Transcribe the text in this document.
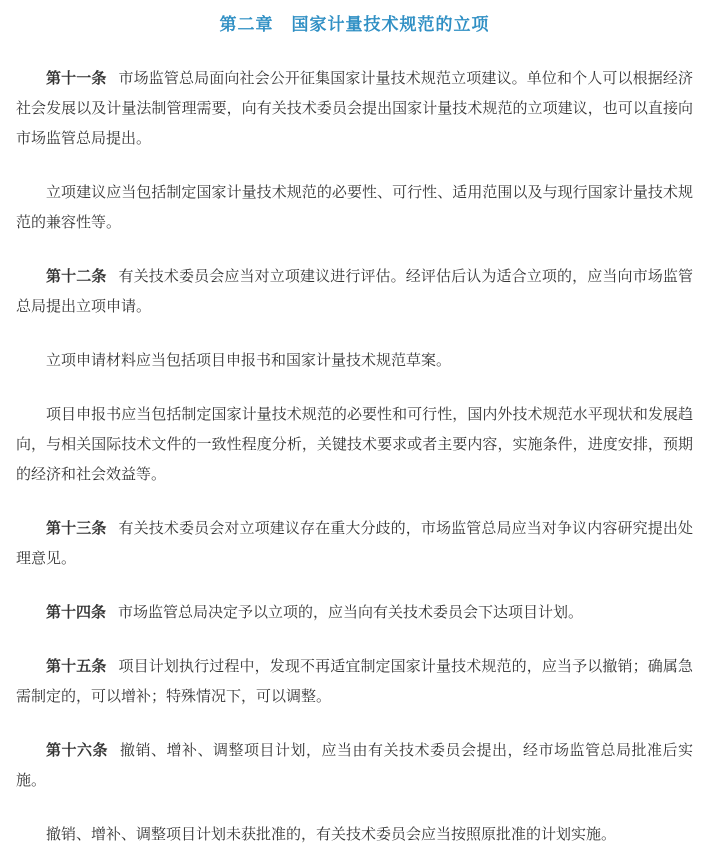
第二章　国家计量技术规范的立项

第十一条 市场监管总局面向社会公开征集国家计量技术规范立项建议。单位和个人可以根据经济社会发展以及计量法制管理需要，向有关技术委员会提出国家计量技术规范的立项建议，也可以直接向市场监管总局提出。

立项建议应当包括制定国家计量技术规范的必要性、可行性、适用范围以及与现行国家计量技术规范的兼容性等。

第十二条 有关技术委员会应当对立项建议进行评估。经评估后认为适合立项的，应当向市场监管总局提出立项申请。

立项申请材料应当包括项目申报书和国家计量技术规范草案。

项目申报书应当包括制定国家计量技术规范的必要性和可行性，国内外技术规范水平现状和发展趋向，与相关国际技术文件的一致性程度分析，关键技术要求或者主要内容，实施条件，进度安排，预期的经济和社会效益等。

第十三条 有关技术委员会对立项建议存在重大分歧的，市场监管总局应当对争议内容研究提出处理意见。

第十四条 市场监管总局决定予以立项的，应当向有关技术委员会下达项目计划。

第十五条 项目计划执行过程中，发现不再适宜制定国家计量技术规范的，应当予以撤销；确属急需制定的，可以增补；特殊情况下，可以调整。

第十六条 撤销、增补、调整项目计划，应当由有关技术委员会提出，经市场监管总局批准后实施。

撤销、增补、调整项目计划未获批准的，有关技术委员会应当按照原批准的计划实施。
